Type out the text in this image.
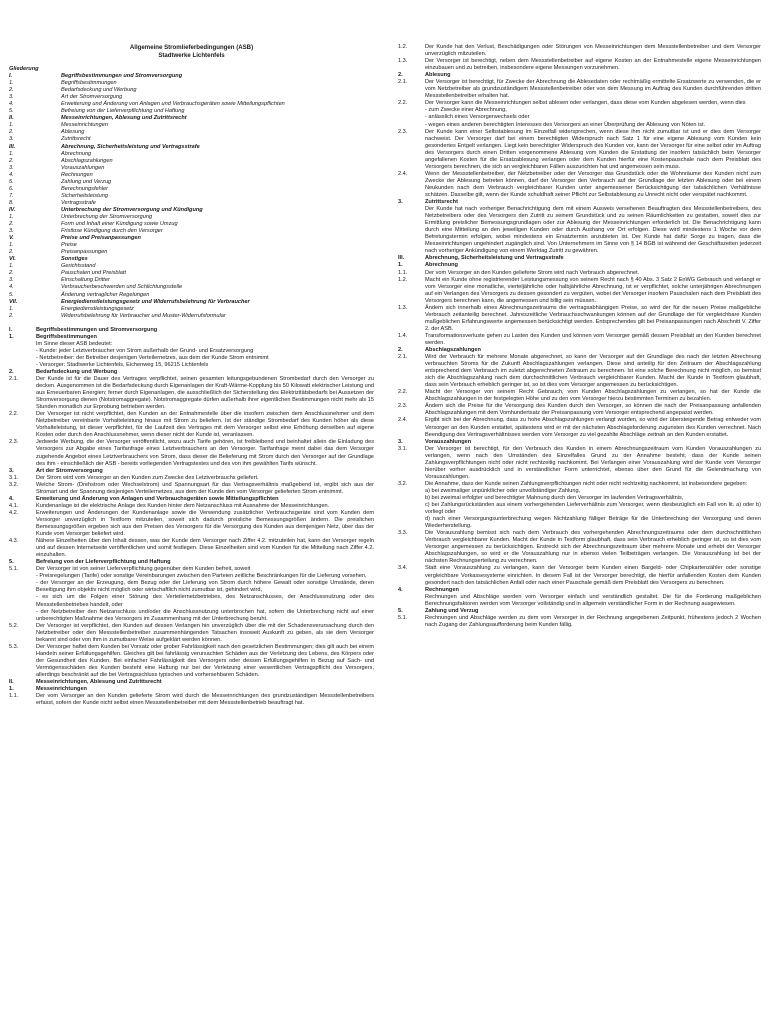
Allgemeine Stromlieferbedingungen (ASB)
Stadtwerke Lichtenfels
Gliederung
I.	Begriffsbestimmungen und Stromversorgung
1.	Begriffsbestimmungen
2.	Bedarfsdeckung und Werbung
3.	Art der Stromversorgung
4.	Erweiterung und Änderung von Anlagen und Verbrauchsgeräten sowie Mitteilungspflichten
5.	Befreiung von der Lieferverpflichtung und Haftung
II.	Messeinrichtungen, Ablesung und Zutrittsrecht
1.	Messeinrichtungen
2.	Ablesung
3.	Zutrittsrecht
III.	Abrechnung, Sicherheitsleistung und Vertragsstrafe
1.	Abrechnung
2.	Abschlagszahlungen
3.	Vorauszahlungen
4.	Rechnungen
5.	Zahlung und Verzug
6.	Berechnungsfehler
7.	Sicherheitsleistung
8.	Vertragsstrafe
IV.	Unterbrechung der Stromversorgung und Kündigung
1.	Unterbrechung der Stromversorgung
2.	Form und Inhalt einer Kündigung sowie Umzug
3.	Fristlose Kündigung durch den Versorger
V.	Preise und Preisanpassungen
1.	Preise
2.	Preisanpassungen
VI.	Sonstiges
1.	Gerichtsstand
2.	Pauschalen und Preisblatt
3.	Einschaltung Dritter
4.	Verbraucherbeschwerden und Schlichtungsstelle
5.	Änderung vertraglicher Regelungen
VII.	Energiedienstleistungsgesetz und Widerrufsbelehrung für Verbraucher
1.	Energiedienstleistungsgesetz
2.	Widerrufsbelehrung für Verbraucher und Muster-Widerrufsformular
I.	Begriffsbestimmungen und Stromversorgung
1.	Begriffsbestimmungen
Im Sinne dieser ASB bedeutet:
- Kunde: jeder Letztverbraucher von Strom außerhalb der Grund- und Ersatzversorgung
- Netzbetreiber: der Betreiber desjenigen Verteilernetzes, aus dem der Kunde Strom entnimmt
- Versorger: Stadtwerke Lichtenfels, Eichenweg 15, 96215 Lichtenfels
2.	Bedarfsdeckung und Werbung
2.1.	Der Kunde ist für die Dauer des Vertrages verpflichtet, seinen gesamten leitungsgebundenen Strombedarf durch den Versorger zu decken. Ausgenommen ist die Bedarfsdeckung durch Eigenanlagen der Kraft-Wärme-Kopplung bis 50 Kilowatt elektrischer Leistung und aus Erneuerbaren Energien; ferner durch Eigenanlagen, die ausschließlich der Sicherstellung des Elektrizitätsbedarfs bei Aussetzen der Stromversorgung dienen (Notstromaggregate). Notstromaggregate dürfen außerhalb ihrer eigentlichen Bestimmungen nicht mehr als 15 Stunden monatlich zur Erprobung betrieben werden.
2.2.	Der Versorger ist nicht verpflichtet, den Kunden an der Entnahmestelle über die insofern zwischen dem Anschlussnehmer und dem Netzbetreiber vereinbarte Vorhalteleistung hinaus mit Strom zu beliefern. Ist der ständige Strombedarf des Kunden höher als diese Vorhalteleistung, ist dieser verpflichtet, für die Laufzeit des Vertrages mit dem Versorger selbst eine Erhöhung derselben auf eigene Kosten oder durch den Anschlussnehmer, wenn dieser nicht der Kunde ist, veranlassen.
2.3.	Jedwede Werbung, die der Versorger veröffentlicht, wozu auch Tarife gehören, ist freibleibend und beinhaltet allein die Einladung des Versorgers zur Abgabe eines Tarifanfrage eines Letztverbrauchers an den Versorger. Tarifanfrage meint dabei das dem Versorger zugehende Angebot eines Letztverbrauchers von Strom, dass dieser die Belieferung mit Strom durch den Versorger auf der Grundlage des ihm - einschließlich der ASB - bereits vorliegenden Vertragstextes und des von ihm gewählten Tarifs wünscht.
3.	Art der Stromversorgung
3.1.	Der Strom wird vom Versorger an den Kunden zum Zwecke des Letztverbrauchs geliefert.
3.2.	Welche Strom- (Drehstrom oder Wechselstrom) und Spannungsart für das Vertragsverhältnis maßgebend ist, ergibt sich aus der Stromart und der Spannung desjenigen Verteilernetzes, aus dem der Kunde den vom Versorger gelieferten Strom entnimmt.
4.	Erweiterung und Änderung von Anlagen und Verbrauchsgeräten sowie Mitteilungspflichten
4.1.	Kundenanlage ist die elektrische Anlage des Kunden hinter dem Netzanschluss mit Ausnahme der Messeinrichtungen.
4.2.	Erweiterungen und Änderungen der Kundenanlage sowie die Verwendung zusätzlicher Verbrauchsgeräte sind vom Kunden dem Versorger unverzüglich in Textform mitzuteilen, soweit sich dadurch preisliche Bemessungsgrößen ändern. Die preislichen Bemessungsgrößen ergeben sich aus den Preisen des Versorgers für die Versorgung des Kunden aus demjenigen Netz, über das der Kunde vom Versorger beliefert wird.
4.3.	Nähere Einzelheiten über den Inhalt dessen, was der Kunde dem Versorger nach Ziffer 4.2. mitzuteilen hat, kann der Versorger regeln und auf dessen Internetseite veröffentlichen und somit festlegen. Diese Einzelheiten sind vom Kunden für die Mitteilung nach Ziffer 4.2. einzuhalten.
5.	Befreiung von der Lieferverpflichtung und Haftung
5.1.	Der Versorger ist von seiner Lieferverpflichtung gegenüber dem Kunden befreit, soweit
- Preisregelungen (Tarife) oder sonstige Vereinbarungen zwischen den Parteien zeitliche Beschränkungen für die Lieferung vorsehen,
- der Versorger an der Erzeugung, dem Bezug oder der Lieferung von Strom durch höhere Gewalt oder sonstige Umstände, deren Beseitigung ihm objektiv nicht möglich oder wirtschaftlich nicht zumutbar ist, gehindert wird,
- es sich um die Folgen einer Störung des Verteilernetzbetriebes, des Netzanschlusses, der Anschlussnutzung oder des Messstellenbetriebes handelt, oder
- der Netzbetreiber den Netzanschluss und/oder die Anschlussnutzung unterbrochen hat, sofern die Unterbrechung nicht auf einer unberechtigten Maßnahme des Versorgers im Zusammenhang mit der Unterbrechung beruht.
5.2.	Der Versorger ist verpflichtet, den Kunden auf dessen Verlangen hin unverzüglich über die mit der Schadensverursachung durch den Netzbetreiber oder den Messstellenbetreiber zusammenhängenden Tatsachen insoweit Auskunft zu geben, als sie dem Versorger bekannt sind oder von ihm in zumutbarer Weise aufgeklärt werden können.
5.3.	Der Versorger haftet dem Kunden bei Vorsatz oder grober Fahrlässigkeit nach den gesetzlichen Bestimmungen; dies gilt auch bei einem Handeln seiner Erfüllungsgehilfen. Gleiches gilt bei fahrlässig verursachten Schäden aus der Verletzung des Lebens, des Körpers oder der Gesundheit des Kunden. Bei einfacher Fahrlässigkeit des Versorgers oder dessen Erfüllungsgehilfen in Bezug auf Sach- und Vermögensschäden des Kunden besteht eine Haftung nur bei der Verletzung einer wesentlichen Vertragspflicht des Versorgers, allerdings beschränkt auf die bei Vertragsschluss typischen und vorhersehbaren Schäden.
II.	Messeinrichtungen, Ablesung und Zutrittsrecht
1.	Messeinrichtungen
1.1.	Der vom Versorger an den Kunden gelieferte Strom wird durch die Messeinrichtungen des grundzuständigen Messstellenbetreibers erfasst, sofern der Kunde nicht selbst einen Messstellenbetreiber mit dem Messstellenbetrieb beauftragt hat.
1.2.	Der Kunde hat den Verlust, Beschädigungen oder Störungen von Messeinrichtungen dem Messstellenbetreiber und dem Versorger unverzüglich mitzuteilen.
1.3.	Der Versorger ist berechtigt, neben dem Messstellenbetreiber auf eigene Kosten an der Entnahmestelle eigene Messeinrichtungen einzubauen und zu betreiben, insbesondere eigene Messungen vorzunehmen.
2.	Ablesung
2.1.	Der Versorger ist berechtigt, für Zwecke der Abrechnung die Ablesedaten oder rechtmäßig ermittelte Ersatzwerte zu verwenden, die er vom Netzbetreiber als grundzuständigem Messstellenbetreiber oder von dem Messung im Auftrag des Kunden durchführenden dritten Messstellenbetreiber erhalten hat.
2.2.	Der Versorger kann die Messeinrichtungen selbst ablesen oder verlangen, dass diese vom Kunden abgelesen werden, wenn dies
- zum Zwecke einer Abrechnung,
- anlässlich eines Versorgerwechsels oder
- wegen eines anderen berechtigten Interesses des Versorgers an einer Überprüfung der Ablesung von Nöten ist.
2.3.	Der Kunde kann einer Selbstablesung im Einzelfall widersprechen, wenn diese ihm nicht zumutbar ist und er dies dem Versorger nachweist. Der Versorger darf bei einem berechtigten Widerspruch nach Satz 1 für eine eigene Ablesung vom Kunden kein gesondertes Entgelt verlangen. Liegt kein berechtigter Widerspruch des Kunden vor, kann der Versorger für eine selbst oder im Auftrag des Versorgers durch einen Dritten vorgenommene Ablesung vom Kunden die Erstattung der insofern tatsächlich beim Versorger angefallenen Kosten für die Ersatzablesung verlangen oder dem Kunden hierfür eine Kostenpauschale nach dem Preisblatt des Versorgers berechnen, die sich an vergleichbaren Fällen auszurichten hat und angemessen sein muss.
2.4.	Wenn der Messstellenbetreiber, der Netzbetreiber oder der Versorger das Grundstück oder die Wohnräume des Kunden nicht zum Zwecke der Ablesung betreten können, darf der Versorger den Verbrauch auf der Grundlage der letzten Ablesung oder bei einem Neukunden nach dem Verbrauch vergleichbarer Kunden unter angemessener Berücksichtigung der tatsächlichen Verhältnisse schätzen. Dasselbe gilt, wenn der Kunde schuldhaft seiner Pflicht zur Selbstablesung zu Unrecht nicht oder verspätet nachkommt.
3.	Zutrittsrecht
Der Kunde hat nach vorheriger Benachrichtigung dem mit einem Ausweis versehenen Beauftragten des Messstellenbetreibers, des Netzbetreibers oder des Versorgers den Zutritt zu seinem Grundstück und zu seinen Räumlichkeiten zu gestatten, soweit dies zur Ermittlung preislicher Bemessungsgrundlagen oder zur Ablesung der Messeinrichtungen erforderlich ist. Die Benachrichtigung kann durch eine Mitteilung an den jeweiligen Kunden oder durch Aushang vor Ort erfolgen. Diese wird mindestens 1 Woche vor dem Betretungstermin erfolgen, wobei mindestens ein Ersatztermin anzubieten ist. Der Kunde hat dafür Sorge zu tragen, dass die Messeinrichtungen ungehindert zugänglich sind. Von Unternehmern im Sinne von § 14 BGB ist während der Geschäftszeiten jederzeit nach vorheriger Ankündigung von einem Werktag Zutritt zu gewähren.
III.	Abrechnung, Sicherheitsleistung und Vertragsstrafe
1.	Abrechnung
1.1.	Der vom Versorger an den Kunden gelieferte Strom wird nach Verbrauch abgerechnet.
1.2.	Macht ein Kunde ohne registrierender Leistungsmessung von seinem Recht nach § 40 Abs. 3 Satz 2 EnWG Gebrauch und verlangt er vom Versorger eine monatliche, vierteljährliche oder halbjährliche Abrechnung, ist er verpflichtet, solche unterjährigen Abrechnungen auf ein Verlangen des Versorgers zu dessen gesondert zu vergüten, wobei der Versorger insofern Pauschalen nach dem Preisblatt des Versorgers berechnen kann, die angemessen und billig sein müssen.
1.3.	Ändern sich innerhalb eines Abrechnungszeitraums die vertragsabhängigen Preise, so wird der für die neuen Preise maßgebliche Verbrauch zeitanteilig berechnet. Jahreszeitliche Verbrauchsschwankungen können auf der Grundlage der für vergleichbare Kunden maßgeblichen Erfahrungswerte angemessen berücksichtigt werden. Entsprechendes gilt bei Preisanpassungen nach Abschnitt V. Ziffer 2. der ASB.
1.4.	Transformationsverluste gehen zu Lasten des Kunden und können vom Versorger gemäß dessen Preisblatt an den Kunden berechnet werden.
2.	Abschlagszahlungen
2.1.	Wird der Verbrauch für mehrere Monate abgerechnet, so kann der Versorger auf der Grundlage des nach der letzten Abrechnung verbrauchten Stroms für die Zukunft Abschlagszahlungen verlangen. Diese sind anteilig für den Zeitraum der Abschlagszahlung entsprechend dem Verbrauch im zuletzt abgerechneten Zeitraum zu berechnen. Ist eine solche Berechnung nicht möglich, so bemisst sich die Abschlagszahlung nach dem durchschnittlichen Verbrauch vergleichbarer Kunden. Macht der Kunde in Textform glaubhaft, dass sein Verbrauch erheblich geringer ist, so ist dies vom Versorger angemessen zu berücksichtigen.
2.2.	Macht der Versorger von seinem Recht Gebrauch, vom Kunden Abschlagszahlungen zu verlangen, so hat der Kunde die Abschlagszahlungen in der festgelegten Höhe und zu den vom Versorger hierzu bestimmten Terminen zu bezahlen.
2.3.	Ändern sich die Preise für die Versorgung des Kunden durch den Versorger, so können die nach der Preisanpassung anfallenden Abschlagszahlungen mit dem Vomhundertsatz der Preisanpassung vom Versorger entsprechend angepasst werden.
2.4.	Ergibt sich bei der Abrechnung, dass zu hohe Abschlagszahlungen verlangt wurden, so wird der übersteigende Betrag entweder vom Versorger an den Kunden erstattet, spätestens wird er mit der nächsten Abschlagsforderung zugunsten des Kunden verrechnet. Nach Beendigung des Vertragsverhältnisses werden vom Versorger zu viel gezahlte Abschläge zeitnah an den Kunden erstattet.
3.	Vorauszahlungen
3.1.	Der Versorger ist berechtigt, für den Verbrauch des Kunden in einem Abrechnungszeitraum vom Kunden Vorauszahlungen zu verlangen, wenn nach den Umständen des Einzelfalles Grund zu der Annahme besteht, dass der Kunde seinen Zahlungsverpflichtungen nicht oder nicht rechtzeitig nachkommt. Bei Verlangen einer Vorauszahlung wird der Kunde vom Versorger hierüber vorher ausdrücklich und in verständlicher Form unterrichtet, ebenso über den Grund für die Gelendmachung von Vorauszahlungen.
3.2.	Die Annahme, dass der Kunde seinen Zahlungsverpflichtungen nicht oder nicht rechtzeitig nachkommt, ist insbesondere gegeben:
a) bei zweimaliger unpünktlicher oder unvollständiger Zahlung,
b) bei zweimal erfolgter und berechtigter Mahnung durch den Versorger im laufenden Vertragsverhältnis,
c) bei Zahlungsrückständen aus einem vorhergehenden Lieferverhältnis zum Versorger, wenn diesbezüglich ein Fall von lit. a) oder b) vorliegt oder
d) nach einer Versorgungsunterbrechung wegen Nichtzahlung fälliger Beträge für die Unterbrechung der Versorgung und deren Wiederherstellung.
3.3.	Die Vorauszahlung bemisst sich nach dem Verbrauch des vorhergehenden Abrechnungszeitraums oder dem durchschnittlichen Verbrauch vergleichbarer Kunden. Macht der Kunde in Textform glaubhaft, dass sein Verbrauch erheblich geringer ist, so ist dies vom Versorger angemessen zu berücksichtigen. Erstreckt sich der Abrechnungszeitraum über mehrere Monate und erhebt der Versorger Abschlagszahlungen, so wird er die Vorauszahlung nur in ebenso vielen Teilbeträgen verlangen. Die Vorauszahlung ist bei der nächsten Rechnungserteilung zu verrechnen.
3.4.	Statt eine Vorauszahlung zu verlangen, kann der Versorger beim Kunden einen Bargeld- oder Chipkartenzähler oder sonstige vergleichbare Vorkassesysteme einrichten. In diesem Fall ist der Versorger berechtigt, die hierfür anfallenden Kosten dem Kunden gesondert nach den tatsächlichen Anfall oder nach einer Pauschale gemäß dem Preisblatt des Versorgers zu berechnen.
4.	Rechnungen
Rechnungen und Abschläge werden vom Versorger einfach und verständlich gestaltet. Die für die Forderung maßgeblichen Berechnungsfaktoren werden vom Versorger vollständig und in allgemein verständlicher Form in der Rechnung ausgewiesen.
5.	Zahlung und Verzug
5.1.	Rechnungen und Abschläge werden zu dem vom Versorger in der Rechnung angegebenen Zeitpunkt, frühestens jedoch 2 Wochen nach Zugang der Zahlungsaufforderung beim Kunden fällig.
